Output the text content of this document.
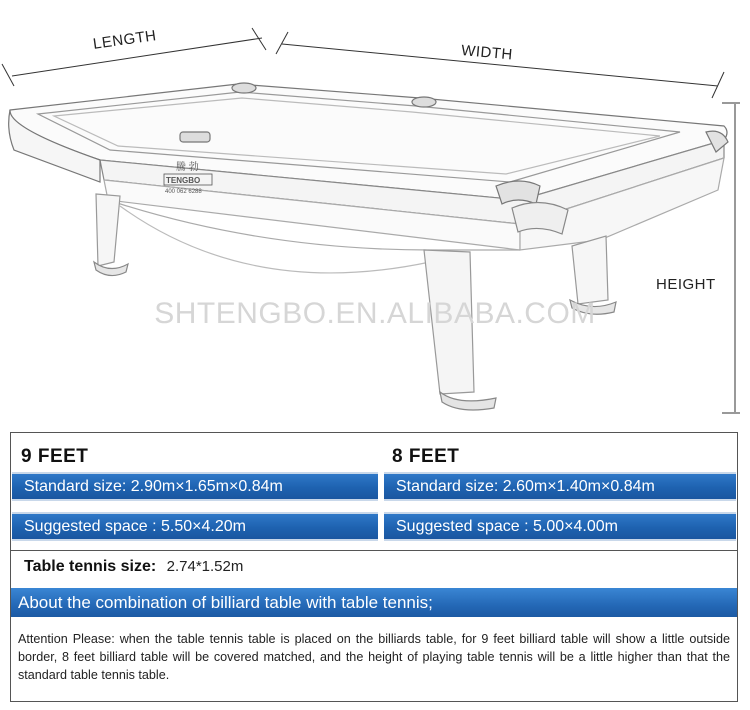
騰 勃
TENGBO
400 062 6288
LENGTH	WIDTH
HEIGHT
SHTENGBO.EN.ALIBABA.COM
9 FEET	8 FEET
Standard size: 2.90m×1.65m×0.84m	Standard size: 2.60m×1.40m×0.84m
Suggested space : 5.50×4.20m	Suggested space : 5.00×4.00m
Table tennis size: 2.74*1.52m
About the combination of billiard table with table tennis;
Attention Please: when the table tennis table is placed on the billiards table, for 9 feet billiard table will show a little outside border, 8 feet billiard table will be covered matched, and the height of playing table tennis will be a little higher than that the standard table tennis table.
